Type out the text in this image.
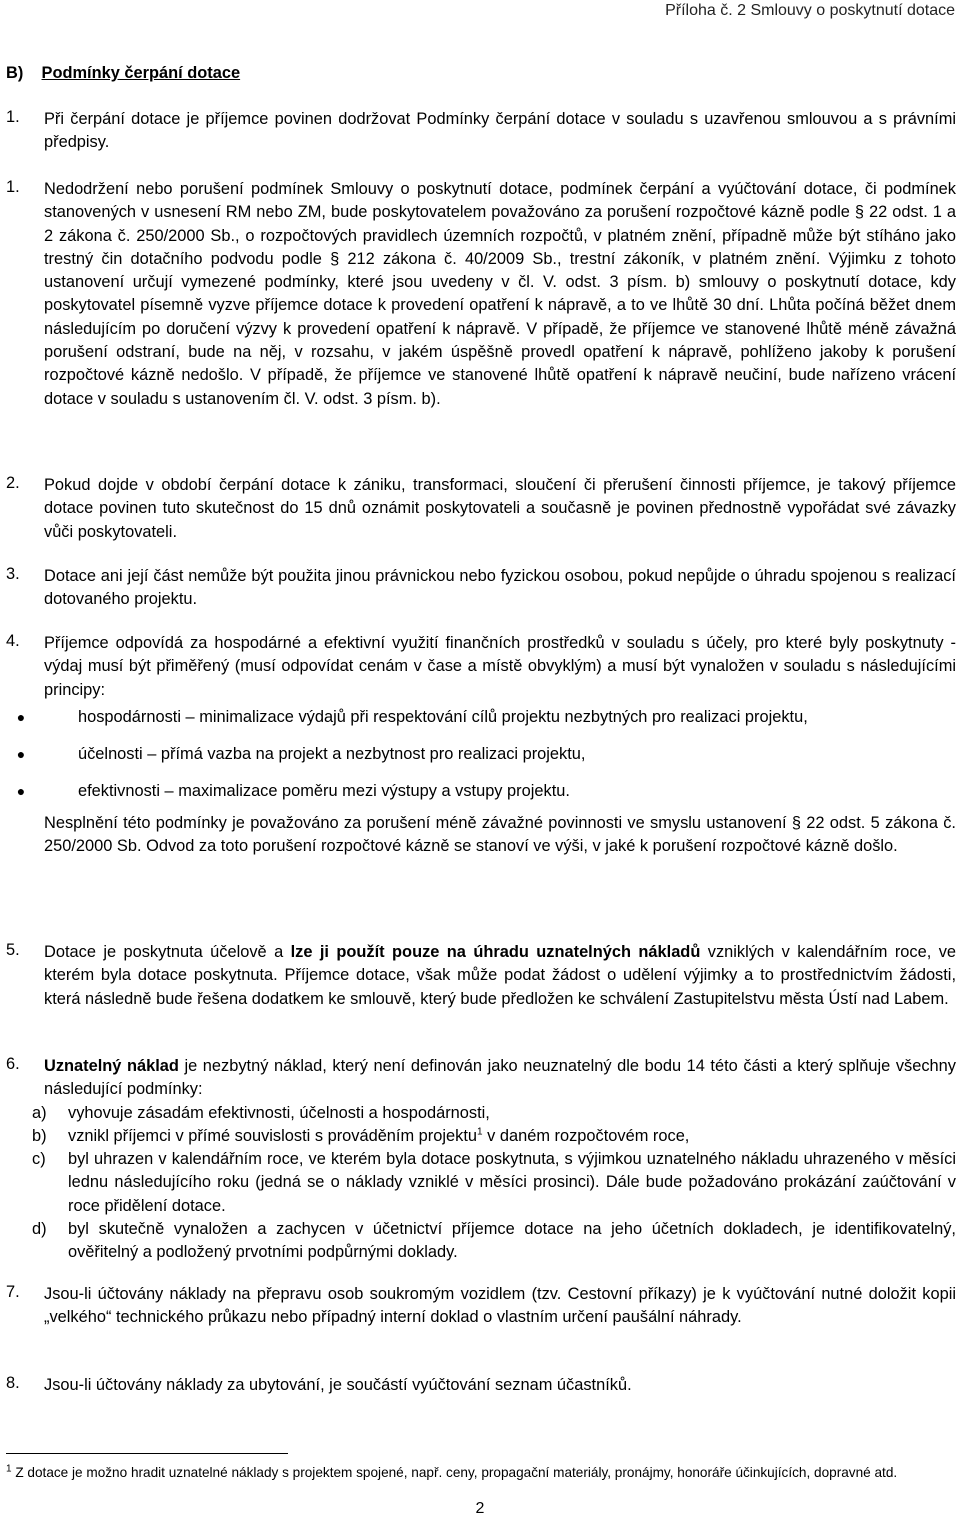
Příloha č. 2 Smlouvy o poskytnutí dotace
B) Podmínky čerpání dotace
1.	Při čerpání dotace je příjemce povinen dodržovat Podmínky čerpání dotace v souladu s uzavřenou smlouvou a s právními předpisy.
1.	Nedodržení nebo porušení podmínek Smlouvy o poskytnutí dotace, podmínek čerpání a vyúčtování dotace, či podmínek stanovených v usnesení RM nebo ZM, bude poskytovatelem považováno za porušení rozpočtové kázně podle § 22 odst. 1 a 2 zákona č. 250/2000 Sb., o rozpočtových pravidlech územních rozpočtů, v platném znění, případně může být stíháno jako trestný čin dotačního podvodu podle § 212 zákona č. 40/2009 Sb., trestní zákoník, v platném znění. Výjimku z tohoto ustanovení určují vymezené podmínky, které jsou uvedeny v čl. V. odst. 3 písm. b) smlouvy o poskytnutí dotace, kdy poskytovatel písemně vyzve příjemce dotace k provedení opatření k nápravě, a to ve lhůtě 30 dní. Lhůta počíná běžet dnem následujícím po doručení výzvy k provedení opatření k nápravě. V případě, že příjemce ve stanovené lhůtě méně závažná porušení odstraní, bude na něj, v rozsahu, v jakém úspěšně provedl opatření k nápravě, pohlíženo jakoby k porušení rozpočtové kázně nedošlo. V případě, že příjemce ve stanovené lhůtě opatření k nápravě neučiní, bude nařízeno vrácení dotace v souladu s ustanovením čl. V. odst. 3 písm. b).
2.	Pokud dojde v období čerpání dotace k zániku, transformaci, sloučení či přerušení činnosti příjemce, je takový příjemce dotace povinen tuto skutečnost do 15 dnů oznámit poskytovateli a současně je povinen přednostně vypořádat své závazky vůči poskytovateli.
3.	Dotace ani její část nemůže být použita jinou právnickou nebo fyzickou osobou, pokud nepůjde o úhradu spojenou s realizací dotovaného projektu.
4.	Příjemce odpovídá za hospodárné a efektivní využití finančních prostředků v souladu s účely, pro které byly poskytnuty - výdaj musí být přiměřený (musí odpovídat cenám v čase a místě obvyklým) a musí být vynaložen v souladu s následujícími principy:
●	hospodárnosti – minimalizace výdajů při respektování cílů projektu nezbytných pro realizaci projektu,
●	účelnosti – přímá vazba na projekt a nezbytnost pro realizaci projektu,
●	efektivnosti – maximalizace poměru mezi výstupy a vstupy projektu.
Nesplnění této podmínky je považováno za porušení méně závažné povinnosti ve smyslu ustanovení § 22 odst. 5 zákona č. 250/2000 Sb. Odvod za toto porušení rozpočtové kázně se stanoví ve výši, v jaké k porušení rozpočtové kázně došlo.
5.	Dotace je poskytnuta účelově a lze ji použít pouze na úhradu uznatelných nákladů vzniklých v kalendářním roce, ve kterém byla dotace poskytnuta. Příjemce dotace, však může podat žádost o udělení výjimky a to prostřednictvím žádosti, která následně bude řešena dodatkem ke smlouvě, který bude předložen ke schválení Zastupitelstvu města Ústí nad Labem.
6.	Uznatelný náklad je nezbytný náklad, který není definován jako neuznatelný dle bodu 14 této části a který splňuje všechny následující podmínky:
a) vyhovuje zásadám efektivnosti, účelnosti a hospodárnosti,
b) vznikl příjemci v přímé souvislosti s prováděním projektu$^1$ v daném rozpočtovém roce,
c) byl uhrazen v kalendářním roce, ve kterém byla dotace poskytnuta, s výjimkou uznatelného nákladu uhrazeného v měsíci lednu následujícího roku (jedná se o náklady vzniklé v měsíci prosinci). Dále bude požadováno prokázání zaúčtování v roce přidělení dotace.
d) byl skutečně vynaložen a zachycen v účetnictví příjemce dotace na jeho účetních dokladech, je identifikovatelný, ověřitelný a podložený prvotními podpůrnými doklady.
7.	Jsou-li účtovány náklady na přepravu osob soukromým vozidlem (tzv. Cestovní příkazy) je k vyúčtování nutné doložit kopii „velkého“ technického průkazu nebo případný interní doklad o vlastním určení paušální náhrady.
8.	Jsou-li účtovány náklady za ubytování, je součástí vyúčtování seznam účastníků.
$^1$ Z dotace je možno hradit uznatelné náklady s projektem spojené, např. ceny, propagační materiály, pronájmy, honoráře účinkujících, dopravné atd.
2
